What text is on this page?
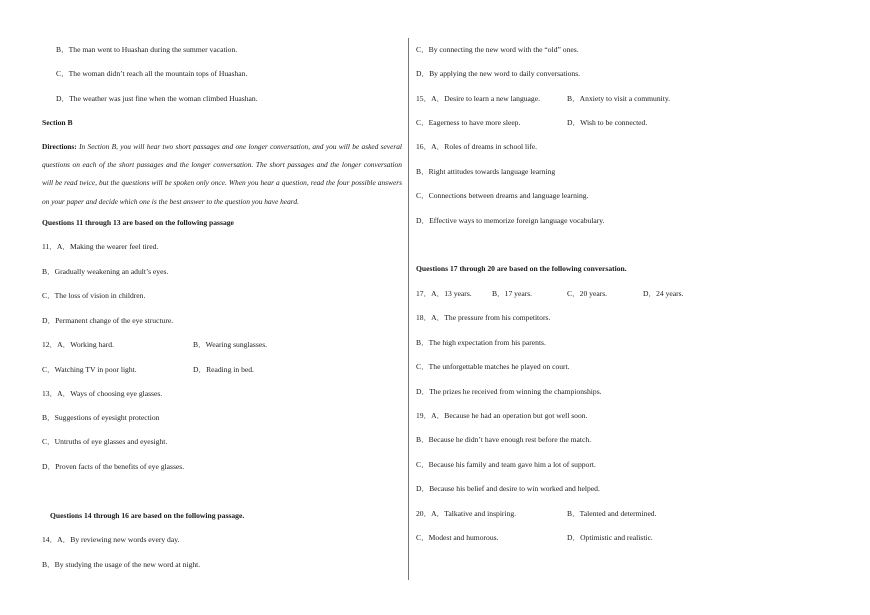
B．The man went to Huashan during the summer vacation.
C．The woman didn’t reach all the mountain tops of Huashan.
D．The weather was just fine when the woman climbed Huashan.
Section B
Directions: In Section B, you will hear two short passages and one longer conversation, and you will be asked several questions on each of the short passages and the longer conversation. The short passages and the longer conversation will be read twice, but the questions will be spoken only once. When you hear a question, read the four possible answers on your paper and decide which one is the best answer to the question you have heard.
Questions 11 through 13 are based on the following passage
11．A．Making the wearer feel tired.
B．Gradually weakening an adult’s eyes.
C．The loss of vision in children.
D．Permanent change of the eye structure.
12．A．Working hard.	B．Wearing sunglasses.
C．Watching TV in poor light.	D．Reading in bed.
13．A．Ways of choosing eye glasses.
B．Suggestions of eyesight protection
C．Untruths of eye glasses and eyesight.
D．Proven facts of the benefits of eye glasses.
Questions 14 through 16 are based on the following passage.
14．A．By reviewing new words every day.
B．By studying the usage of the new word at night.
C．By connecting the new word with the “old” ones.
D．By applying the new word to daily conversations.
15．A．Desire to learn a new language.	B．Anxiety to visit a community.
C．Eagerness to have more sleep.	D．Wish to be connected.
16．A．Roles of dreams in school life.
B．Right attitudes towards language learning
C．Connections between dreams and language learning.
D．Effective ways to memorize foreign language vocabulary.
Questions 17 through 20 are based on the following conversation.
17．A．13 years.	B．17 years.	C．20 years.	D．24 years.
18．A．The pressure from his competitors.
B．The high expectation from his parents.
C．The unforgettable matches he played on court.
D．The prizes he received from winning the championships.
19．A．Because he had an operation but got well soon.
B．Because he didn’t have enough rest before the match.
C．Because his family and team gave him a lot of support.
D．Because his belief and desire to win worked and helped.
20．A．Talkative and inspiring.	B．Talented and determined.
C．Modest and humorous.	D．Optimistic and realistic.
